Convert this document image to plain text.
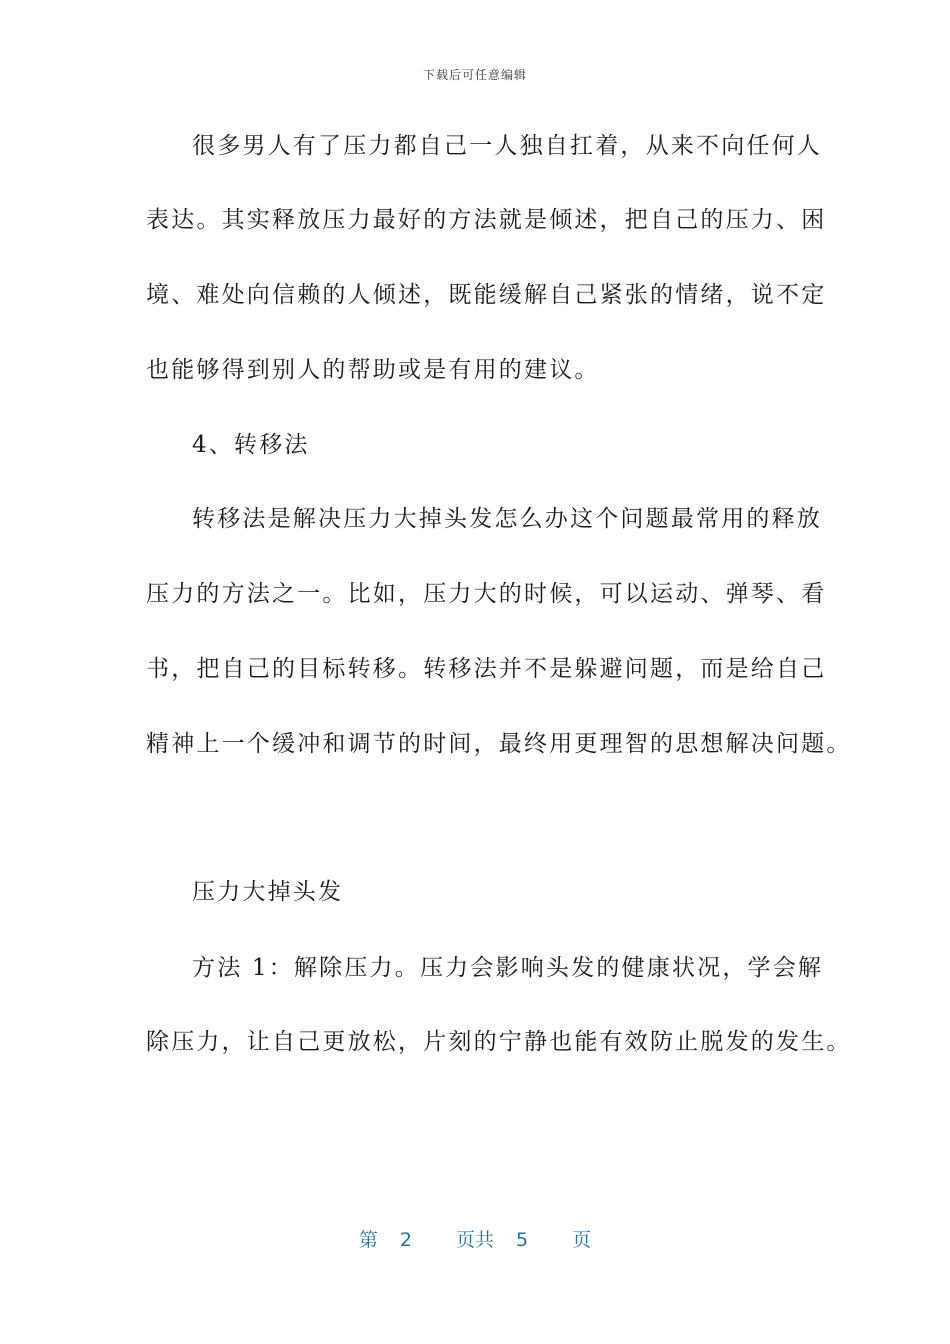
下载后可任意编辑
很多男人有了压力都自己一人独自扛着，从来不向任何人
表达。其实释放压力最好的方法就是倾述，把自己的压力、困
境、难处向信赖的人倾述，既能缓解自己紧张的情绪，说不定
也能够得到别人的帮助或是有用的建议。
4、转移法
转移法是解决压力大掉头发怎么办这个问题最常用的释放
压力的方法之一。比如，压力大的时候，可以运动、弹琴、看
书，把自己的目标转移。转移法并不是躲避问题，而是给自己
精神上一个缓冲和调节的时间，最终用更理智的思想解决问题。
压力大掉头发
方法 1：解除压力。压力会影响头发的健康状况，学会解
除压力，让自己更放松，片刻的宁静也能有效防止脱发的发生。
第 2 页共 5 页
